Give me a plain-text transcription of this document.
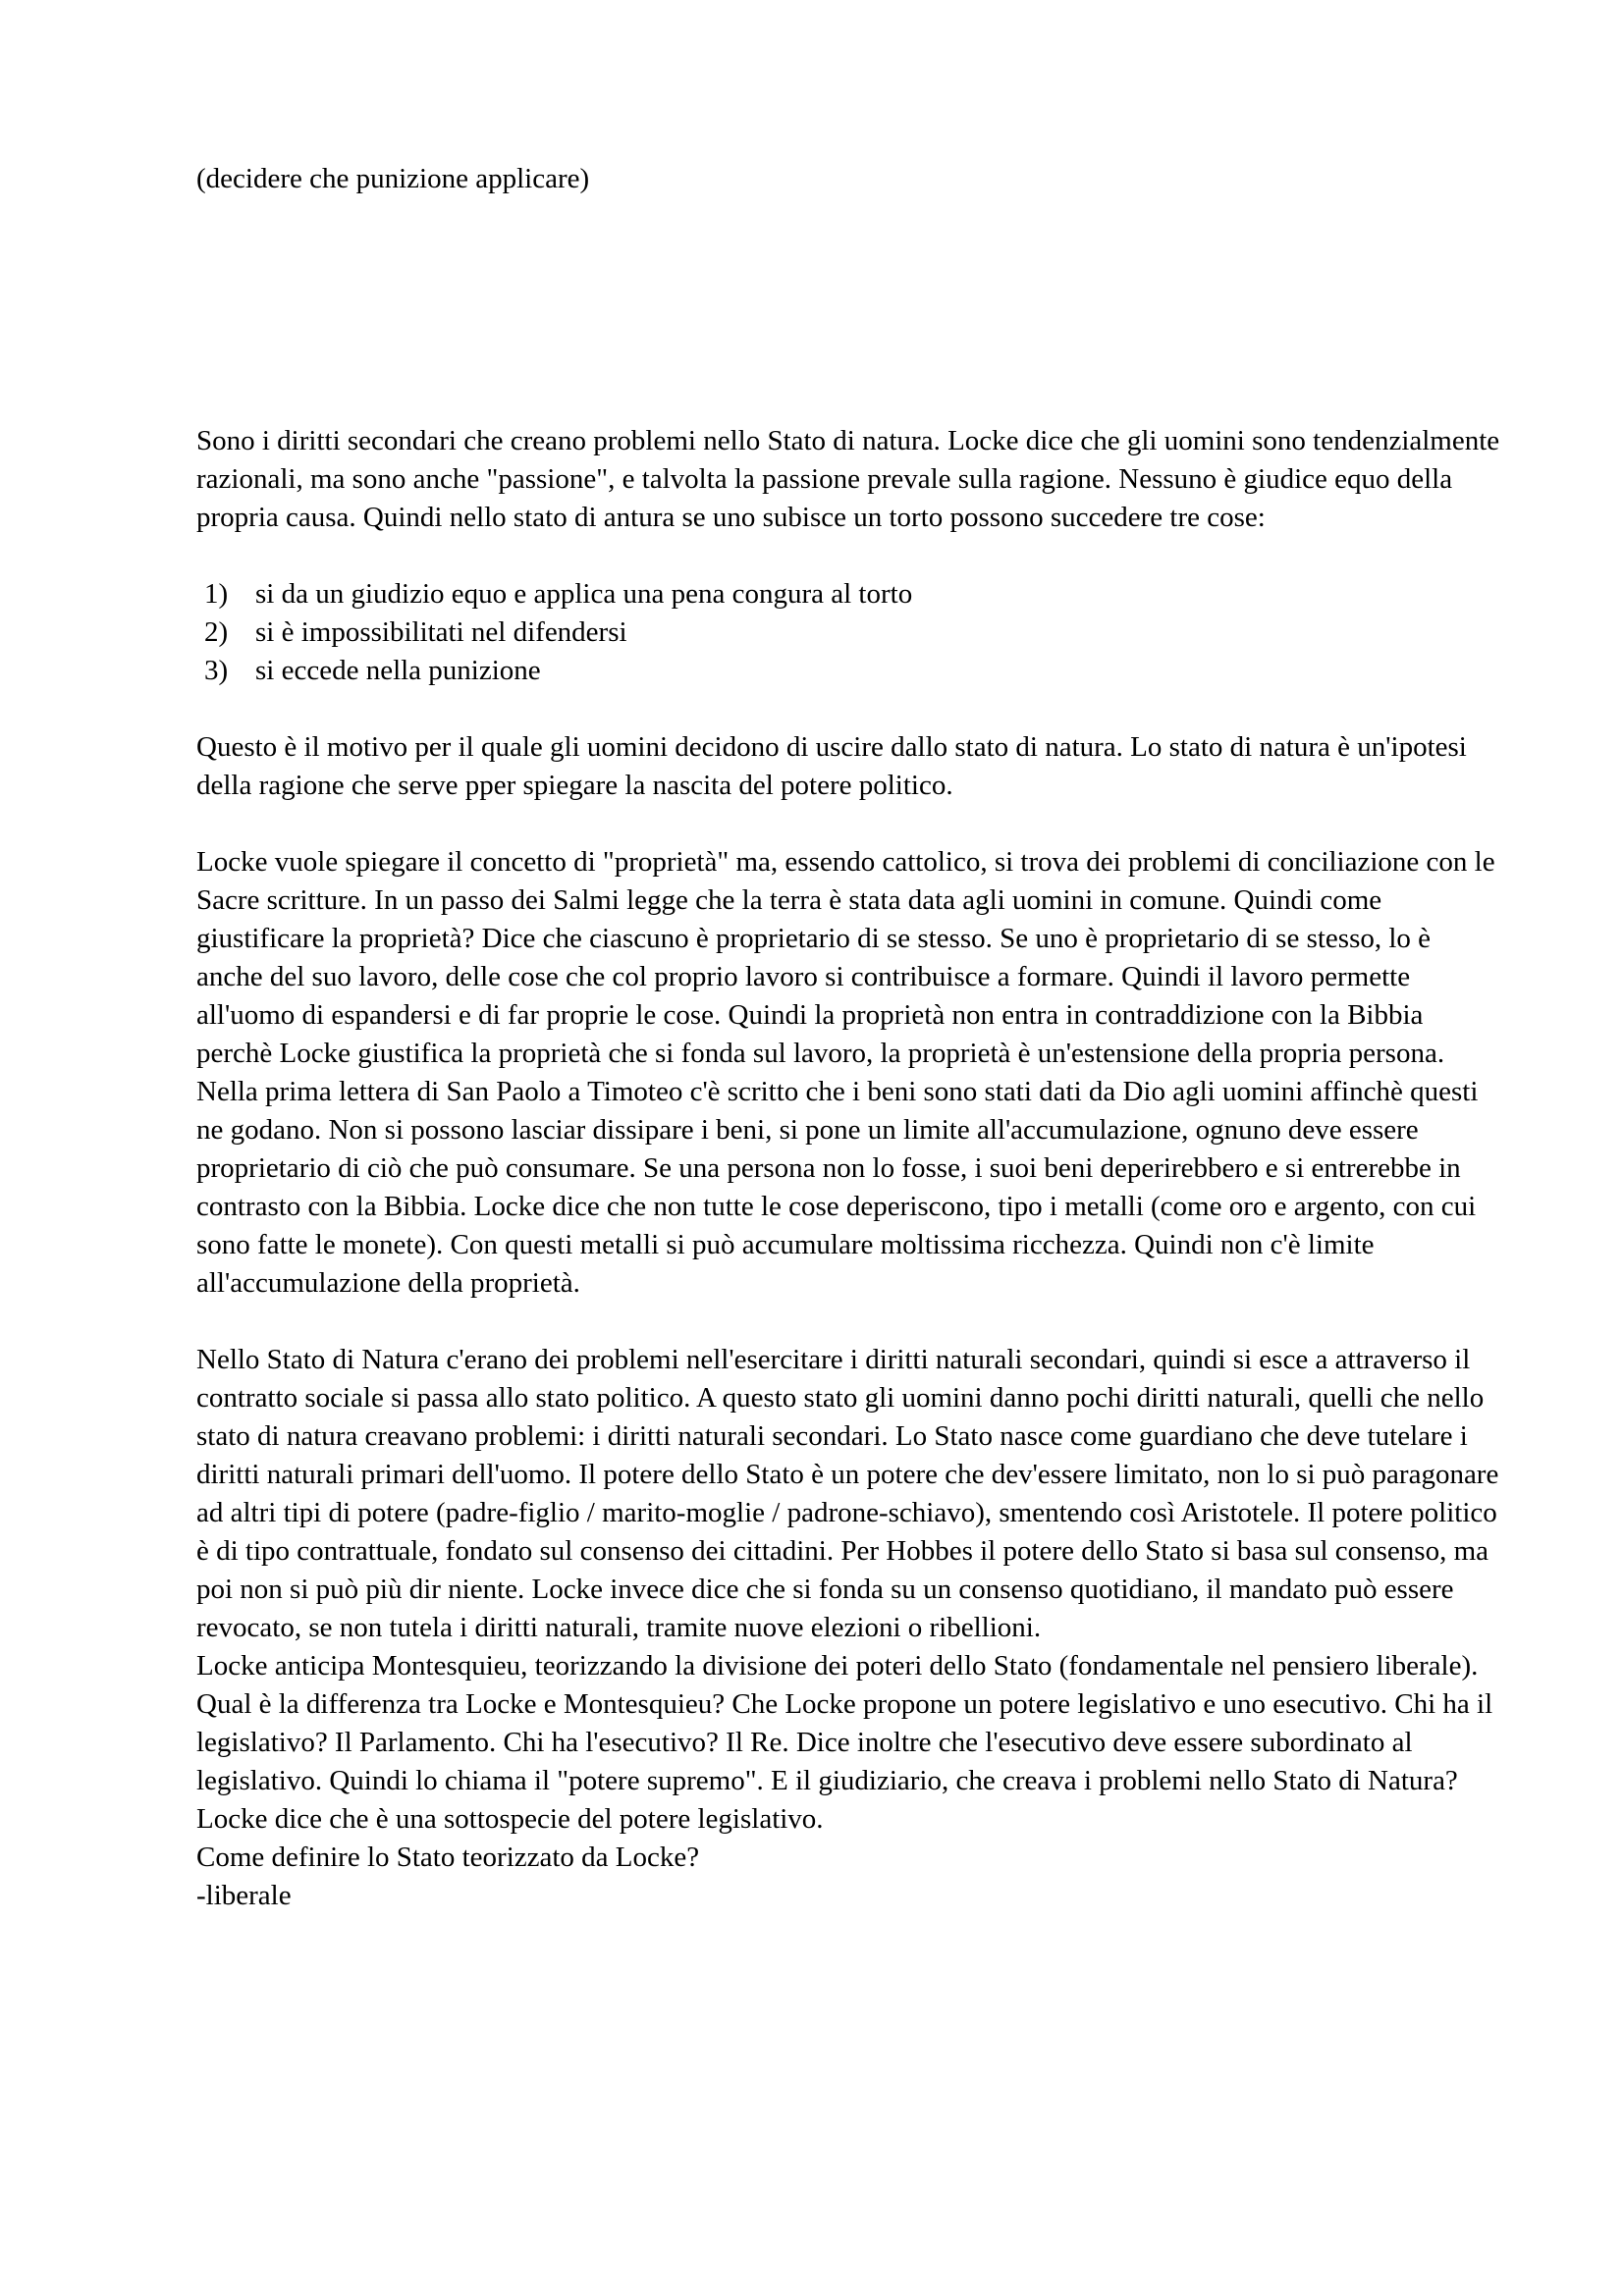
(decidere che punizione applicare)

Sono i diritti secondari che creano problemi nello Stato di natura. Locke dice che gli uomini sono tendenzialmente razionali, ma sono anche "passione", e talvolta la passione prevale sulla ragione. Nessuno è giudice equo della propria causa. Quindi nello stato di antura se uno subisce un torto possono succedere tre cose:

1) si da un giudizio equo e applica una pena congura al torto
2) si è impossibilitati nel difendersi
3) si eccede nella punizione

Questo è il motivo per il quale gli uomini decidono di uscire dallo stato di natura. Lo stato di natura è un'ipotesi della ragione che serve pper spiegare la nascita del potere politico.

Locke vuole spiegare il concetto di "proprietà" ma, essendo cattolico, si trova dei problemi di conciliazione con le Sacre scritture. In un passo dei Salmi legge che la terra è stata data agli uomini in comune. Quindi come giustificare la proprietà? Dice che ciascuno è proprietario di se stesso. Se uno è proprietario di se stesso, lo è anche del suo lavoro, delle cose che col proprio lavoro si contribuisce a formare. Quindi il lavoro permette all'uomo di espandersi e di far proprie le cose. Quindi la proprietà non entra in contraddizione con la Bibbia perchè Locke giustifica la proprietà che si fonda sul lavoro, la proprietà è un'estensione della propria persona.

Nella prima lettera di San Paolo a Timoteo c'è scritto che i beni sono stati dati da Dio agli uomini affinchè questi ne godano. Non si possono lasciar dissipare i beni, si pone un limite all'accumulazione, ognuno deve essere proprietario di ciò che può consumare. Se una persona non lo fosse, i suoi beni deperirebbero e si entrerebbe in contrasto con la Bibbia. Locke dice che non tutte le cose deperiscono, tipo i metalli (come oro e argento, con cui sono fatte le monete). Con questi metalli si può accumulare moltissima ricchezza. Quindi non c'è limite all'accumulazione della proprietà.

Nello Stato di Natura c'erano dei problemi nell'esercitare i diritti naturali secondari, quindi si esce a attraverso il contratto sociale si passa allo stato politico. A questo stato gli uomini danno pochi diritti naturali, quelli che nello stato di natura creavano problemi: i diritti naturali secondari. Lo Stato nasce come guardiano che deve tutelare i diritti naturali primari dell'uomo. Il potere dello Stato è un potere che dev'essere limitato, non lo si può paragonare ad altri tipi di potere (padre-figlio / marito-moglie / padrone-schiavo), smentendo così Aristotele. Il potere politico è di tipo contrattuale, fondato sul consenso dei cittadini. Per Hobbes il potere dello Stato si basa sul consenso, ma poi non si può più dir niente. Locke invece dice che si fonda su un consenso quotidiano, il mandato può essere revocato, se non tutela i diritti naturali, tramite nuove elezioni o ribellioni.

Locke anticipa Montesquieu, teorizzando la divisione dei poteri dello Stato (fondamentale nel pensiero liberale). Qual è la differenza tra Locke e Montesquieu? Che Locke propone un potere legislativo e uno esecutivo. Chi ha il legislativo? Il Parlamento. Chi ha l'esecutivo? Il Re. Dice inoltre che l'esecutivo deve essere subordinato al legislativo. Quindi lo chiama il "potere supremo". E il giudiziario, che creava i problemi nello Stato di Natura? Locke dice che è una sottospecie del potere legislativo.

Come definire lo Stato teorizzato da Locke?

-liberale
